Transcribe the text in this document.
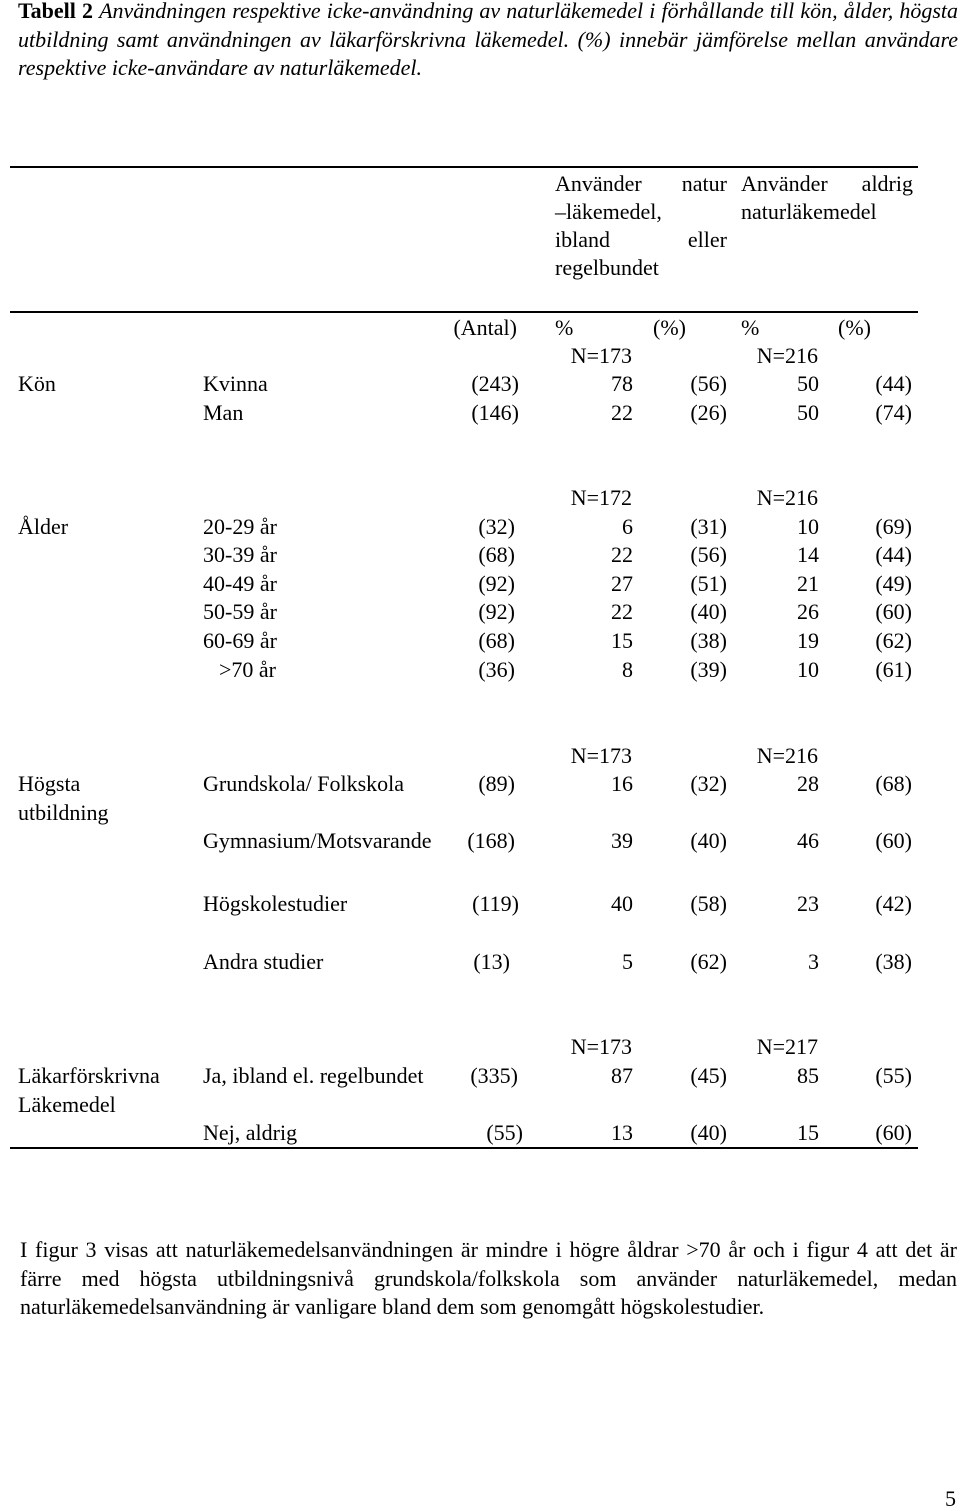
Tabell 2 Användningen respektive icke-användning av naturläkemedel i förhållande till kön, ålder, högsta utbildning samt användningen av läkarförskrivna läkemedel. (%) innebär jämförelse mellan användare respektive icke-användare av naturläkemedel.
Använder natur
–läkemedel,
ibland eller
regelbundet
Använder aldrig
naturläkemedel
(Antal) %	(%)	%	(%)
N=173	N=216
Kön	Kvinna	(243)	78	(56)	50	(44)
Man	(146)	22	(26)	50	(74)
N=172	N=216
Ålder	20-29 år	(32)	6	(31)	10	(69)
30-39 år	(68)	22	(56)	14	(44)
40-49 år	(92)	27	(51)	21	(49)
50-59 år	(92)	22	(40)	26	(60)
60-69 år	(68)	15	(38)	19	(62)
>70 år	(36)	8	(39)	10	(61)
N=173	N=216
Högsta
utbildning
Grundskola/ Folkskola	(89)	16	(32)	28	(68)
Gymnasium/Motsvarande	(168)	39	(40)	46	(60)
Högskolestudier	(119)	40	(58)	23	(42)
Andra studier	(13)	5	(62)	3	(38)
N=173	N=217
Läkarförskrivna
Läkemedel
Ja, ibland el. regelbundet	(335)	87	(45)	85	(55)
Nej, aldrig	(55)	13	(40)	15	(60)
I figur 3 visas att naturläkemedelsanvändningen är mindre i högre åldrar >70 år och i figur 4 att det är färre med högsta utbildningsnivå grundskola/folkskola som använder naturläkemedel, medan naturläkemedelsanvändning är vanligare bland dem som genomgått högskolestudier.
5
